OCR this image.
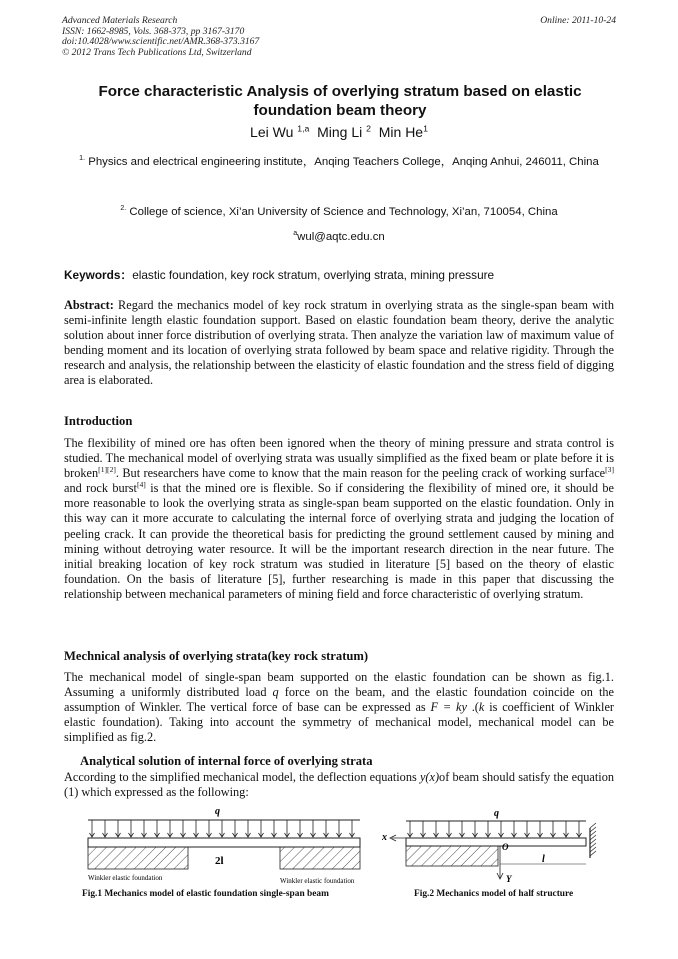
Advanced Materials Research	Online: 2011-10-24
ISSN: 1662-8985, Vols. 368-373, pp 3167-3170
doi:10.4028/www.scientific.net/AMR.368-373.3167
© 2012 Trans Tech Publications Ltd, Switzerland
Force characteristic Analysis of overlying stratum based on elastic foundation beam theory
Lei Wu $^{1,a}$ Ming Li $^2$ Min He$^1$
$^{1.}$ Physics and electrical engineering institute，Anqing Teachers College，Anqing Anhui, 246011, China
$^{2.}$ College of science, Xi’an University of Science and Technology, Xi’an, 710054, China
$^a$wul@aqtc.edu.cn
Keywords：elastic foundation, key rock stratum, overlying strata, mining pressure
Abstract: Regard the mechanics model of key rock stratum in overlying strata as the single-span beam with semi-infinite length elastic foundation support. Based on elastic foundation beam theory, derive the analytic solution about inner force distribution of overlying strata. Then analyze the variation law of maximum value of bending moment and its location of overlying strata followed by beam space and relative rigidity. Through the research and analysis, the relationship between the elasticity of elastic foundation and the stress field of digging area is elaborated.
Introduction
The flexibility of mined ore has often been ignored when the theory of mining pressure and strata control is studied. The mechanical model of overlying strata was usually simplified as the fixed beam or plate before it is broken[1][2]. But researchers have come to know that the main reason for the peeling crack of working surface[3] and rock burst[4] is that the mined ore is flexible. So if considering the flexibility of mined ore, it should be more reasonable to look the overlying strata as single-span beam supported on the elastic foundation. Only in this way can it more accurate to calculating the internal force of overlying strata and judging the location of peeling crack. It can provide the theoretical basis for predicting the ground settlement caused by mining and mining without detroying water resource. It will be the important research direction in the near future. The initial breaking location of key rock stratum was studied in literature [5] based on the theory of elastic foundation. On the basis of literature [5], further researching is made in this paper that discussing the relationship between mechanical parameters of mining field and force characteristic of overlying stratum.
Mechnical analysis of overlying strata(key rock stratum)
The mechanical model of single-span beam supported on the elastic foundation can be shown as fig.1. Assuming a uniformly distributed load q force on the beam, and the elastic foundation coincide on the assumption of Winkler. The vertical force of base can be expressed as F = ky .(k is coefficient of Winkler elastic foundation). Taking into account the symmetry of mechanical model, mechanical model can be simplified as fig.2.
Analytical solution of internal force of overlying strata
According to the simplified mechanical model, the deflection equations y(x)of beam should satisfy the equation (1) which expressed as the following:
q
2l
Winkler elastic foundation	Winkler elastic foundation
Fig.1 Mechanics model of elastic foundation single-span beam
q
x
O
Y
l
Fig.2 Mechanics model of half structure
